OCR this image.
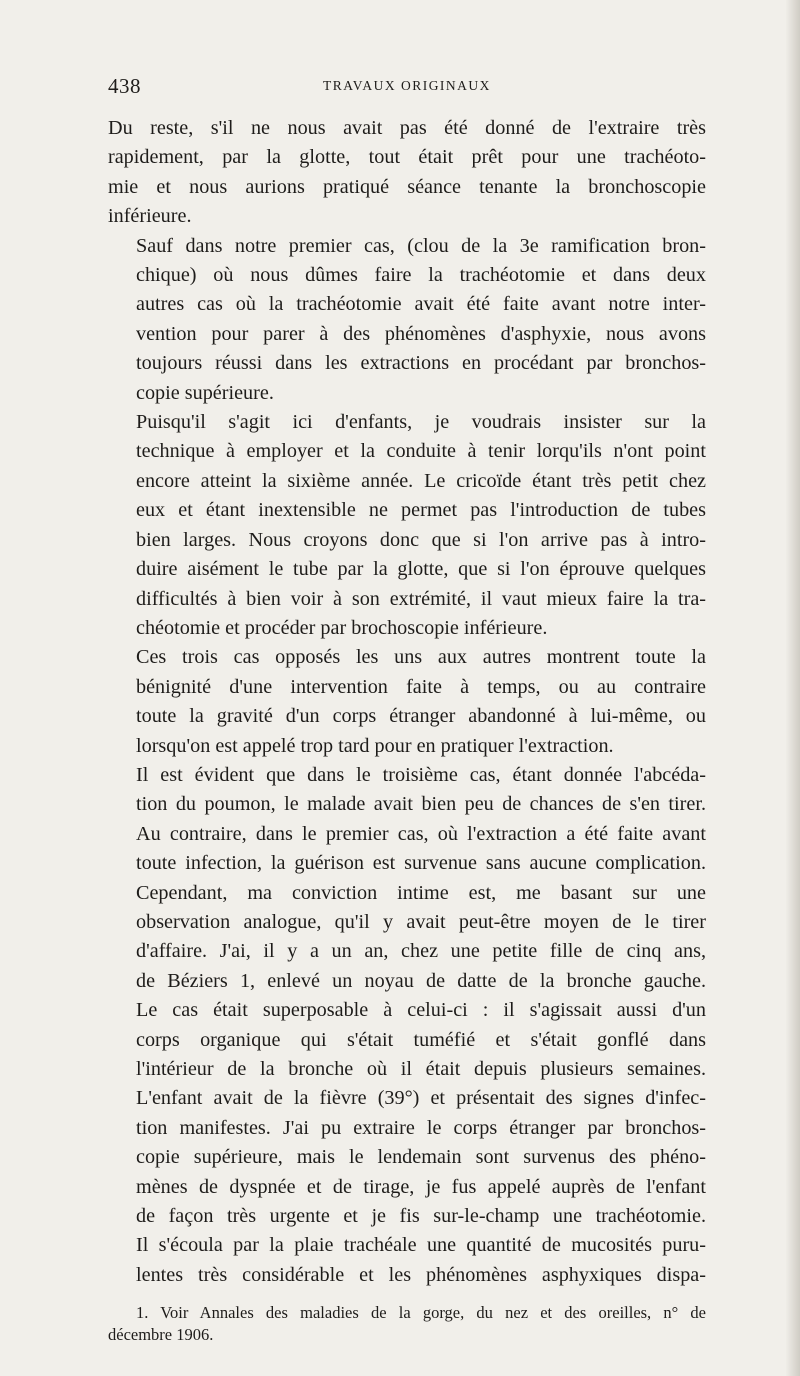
438	TRAVAUX ORIGINAUX

Du reste, s'il ne nous avait pas été donné de l'extraire très
rapidement, par la glotte, tout était prêt pour une trachéoto-
mie et nous aurions pratiqué séance tenante la bronchoscopie
inférieure.

Sauf dans notre premier cas, (clou de la 3e ramification bron-
chique) où nous dûmes faire la trachéotomie et dans deux
autres cas où la trachéotomie avait été faite avant notre inter-
vention pour parer à des phénomènes d'asphyxie, nous avons
toujours réussi dans les extractions en procédant par bronchos-
copie supérieure.

Puisqu'il s'agit ici d'enfants, je voudrais insister sur la
technique à employer et la conduite à tenir lorqu'ils n'ont point
encore atteint la sixième année. Le cricoïde étant très petit chez
eux et étant inextensible ne permet pas l'introduction de tubes
bien larges. Nous croyons donc que si l'on arrive pas à intro-
duire aisément le tube par la glotte, que si l'on éprouve quelques
difficultés à bien voir à son extrémité, il vaut mieux faire la tra-
chéotomie et procéder par brochoscopie inférieure.

Ces trois cas opposés les uns aux autres montrent toute la
bénignité d'une intervention faite à temps, ou au contraire
toute la gravité d'un corps étranger abandonné à lui-même, ou
lorsqu'on est appelé trop tard pour en pratiquer l'extraction.

Il est évident que dans le troisième cas, étant donnée l'abcéda-
tion du poumon, le malade avait bien peu de chances de s'en tirer.
Au contraire, dans le premier cas, où l'extraction a été faite avant
toute infection, la guérison est survenue sans aucune complication.

Cependant, ma conviction intime est, me basant sur une
observation analogue, qu'il y avait peut-être moyen de le tirer
d'affaire. J'ai, il y a un an, chez une petite fille de cinq ans,
de Béziers 1, enlevé un noyau de datte de la bronche gauche.
Le cas était superposable à celui-ci : il s'agissait aussi d'un
corps organique qui s'était tuméfié et s'était gonflé dans
l'intérieur de la bronche où il était depuis plusieurs semaines.
L'enfant avait de la fièvre (39°) et présentait des signes d'infec-
tion manifestes. J'ai pu extraire le corps étranger par bronchos-
copie supérieure, mais le lendemain sont survenus des phéno-
mènes de dyspnée et de tirage, je fus appelé auprès de l'enfant
de façon très urgente et je fis sur-le-champ une trachéotomie.
Il s'écoula par la plaie trachéale une quantité de mucosités puru-
lentes très considérable et les phénomènes asphyxiques dispa-

1. Voir Annales des maladies de la gorge, du nez et des oreilles, n° de
décembre 1906.
